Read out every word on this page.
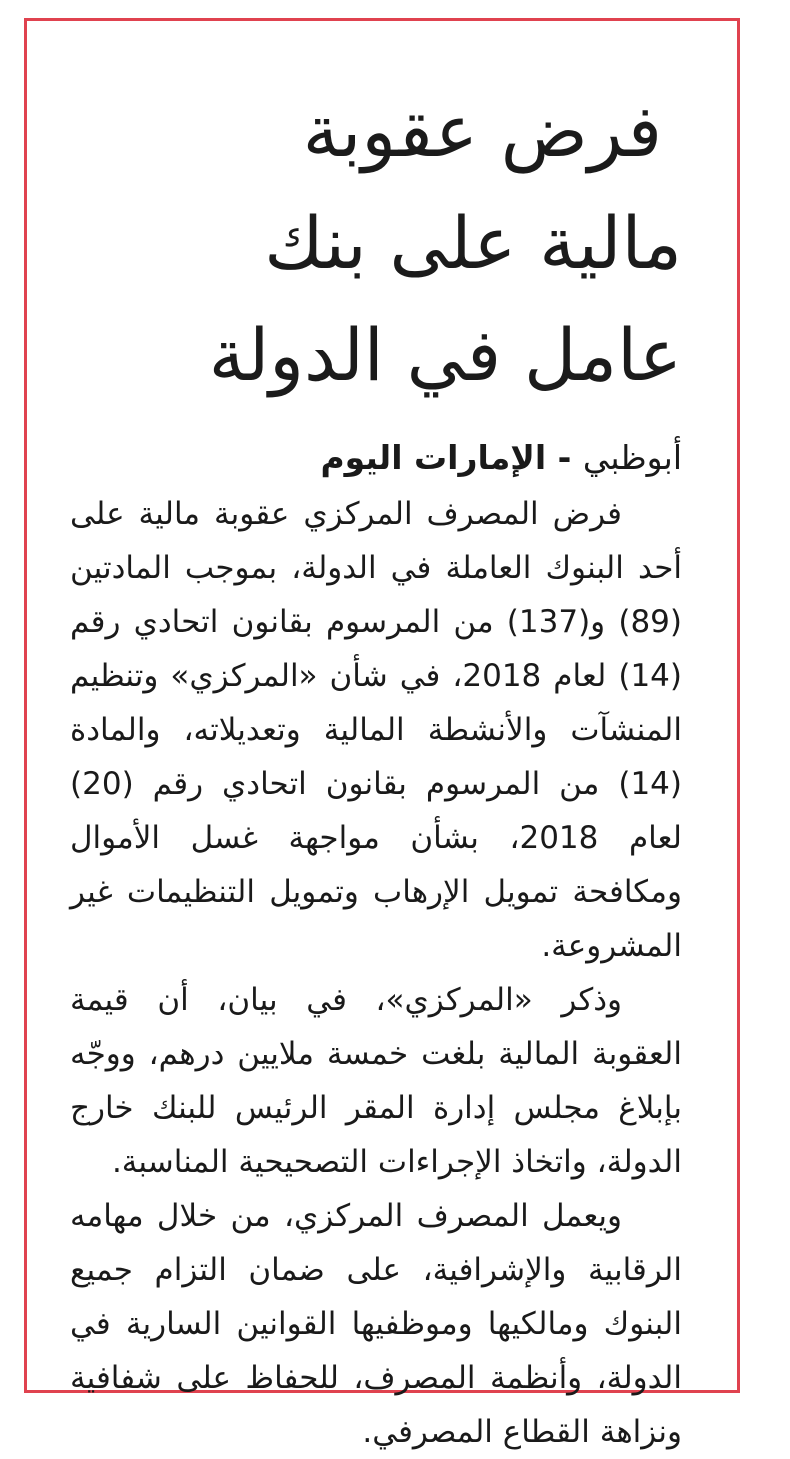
فرض عقوبة
مالية على بنك
عامل في الدولة
أبوظبي - الإمارات اليوم

فرض المصرف المركزي عقوبة مالية على أحد البنوك العاملة في الدولة، بموجب المادتين (89) و(137) من المرسوم بقانون اتحادي رقم (14) لعام 2018، في شأن «المركزي» وتنظيم المنشآت والأنشطة المالية وتعديلاته، والمادة (14) من المرسوم بقانون اتحادي رقم (20) لعام 2018، بشأن مواجهة غسل الأموال ومكافحة تمويل الإرهاب وتمويل التنظيمات غير المشروعة.

وذكر «المركزي»، في بيان، أن قيمة العقوبة المالية بلغت خمسة ملايين درهم، ووجّه بإبلاغ مجلس إدارة المقر الرئيس للبنك خارج الدولة، واتخاذ الإجراءات التصحيحية المناسبة.

ويعمل المصرف المركزي، من خلال مهامه الرقابية والإشرافية، على ضمان التزام جميع البنوك ومالكيها وموظفيها القوانين السارية في الدولة، وأنظمة المصرف، للحفاظ على شفافية ونزاهة القطاع المصرفي.
